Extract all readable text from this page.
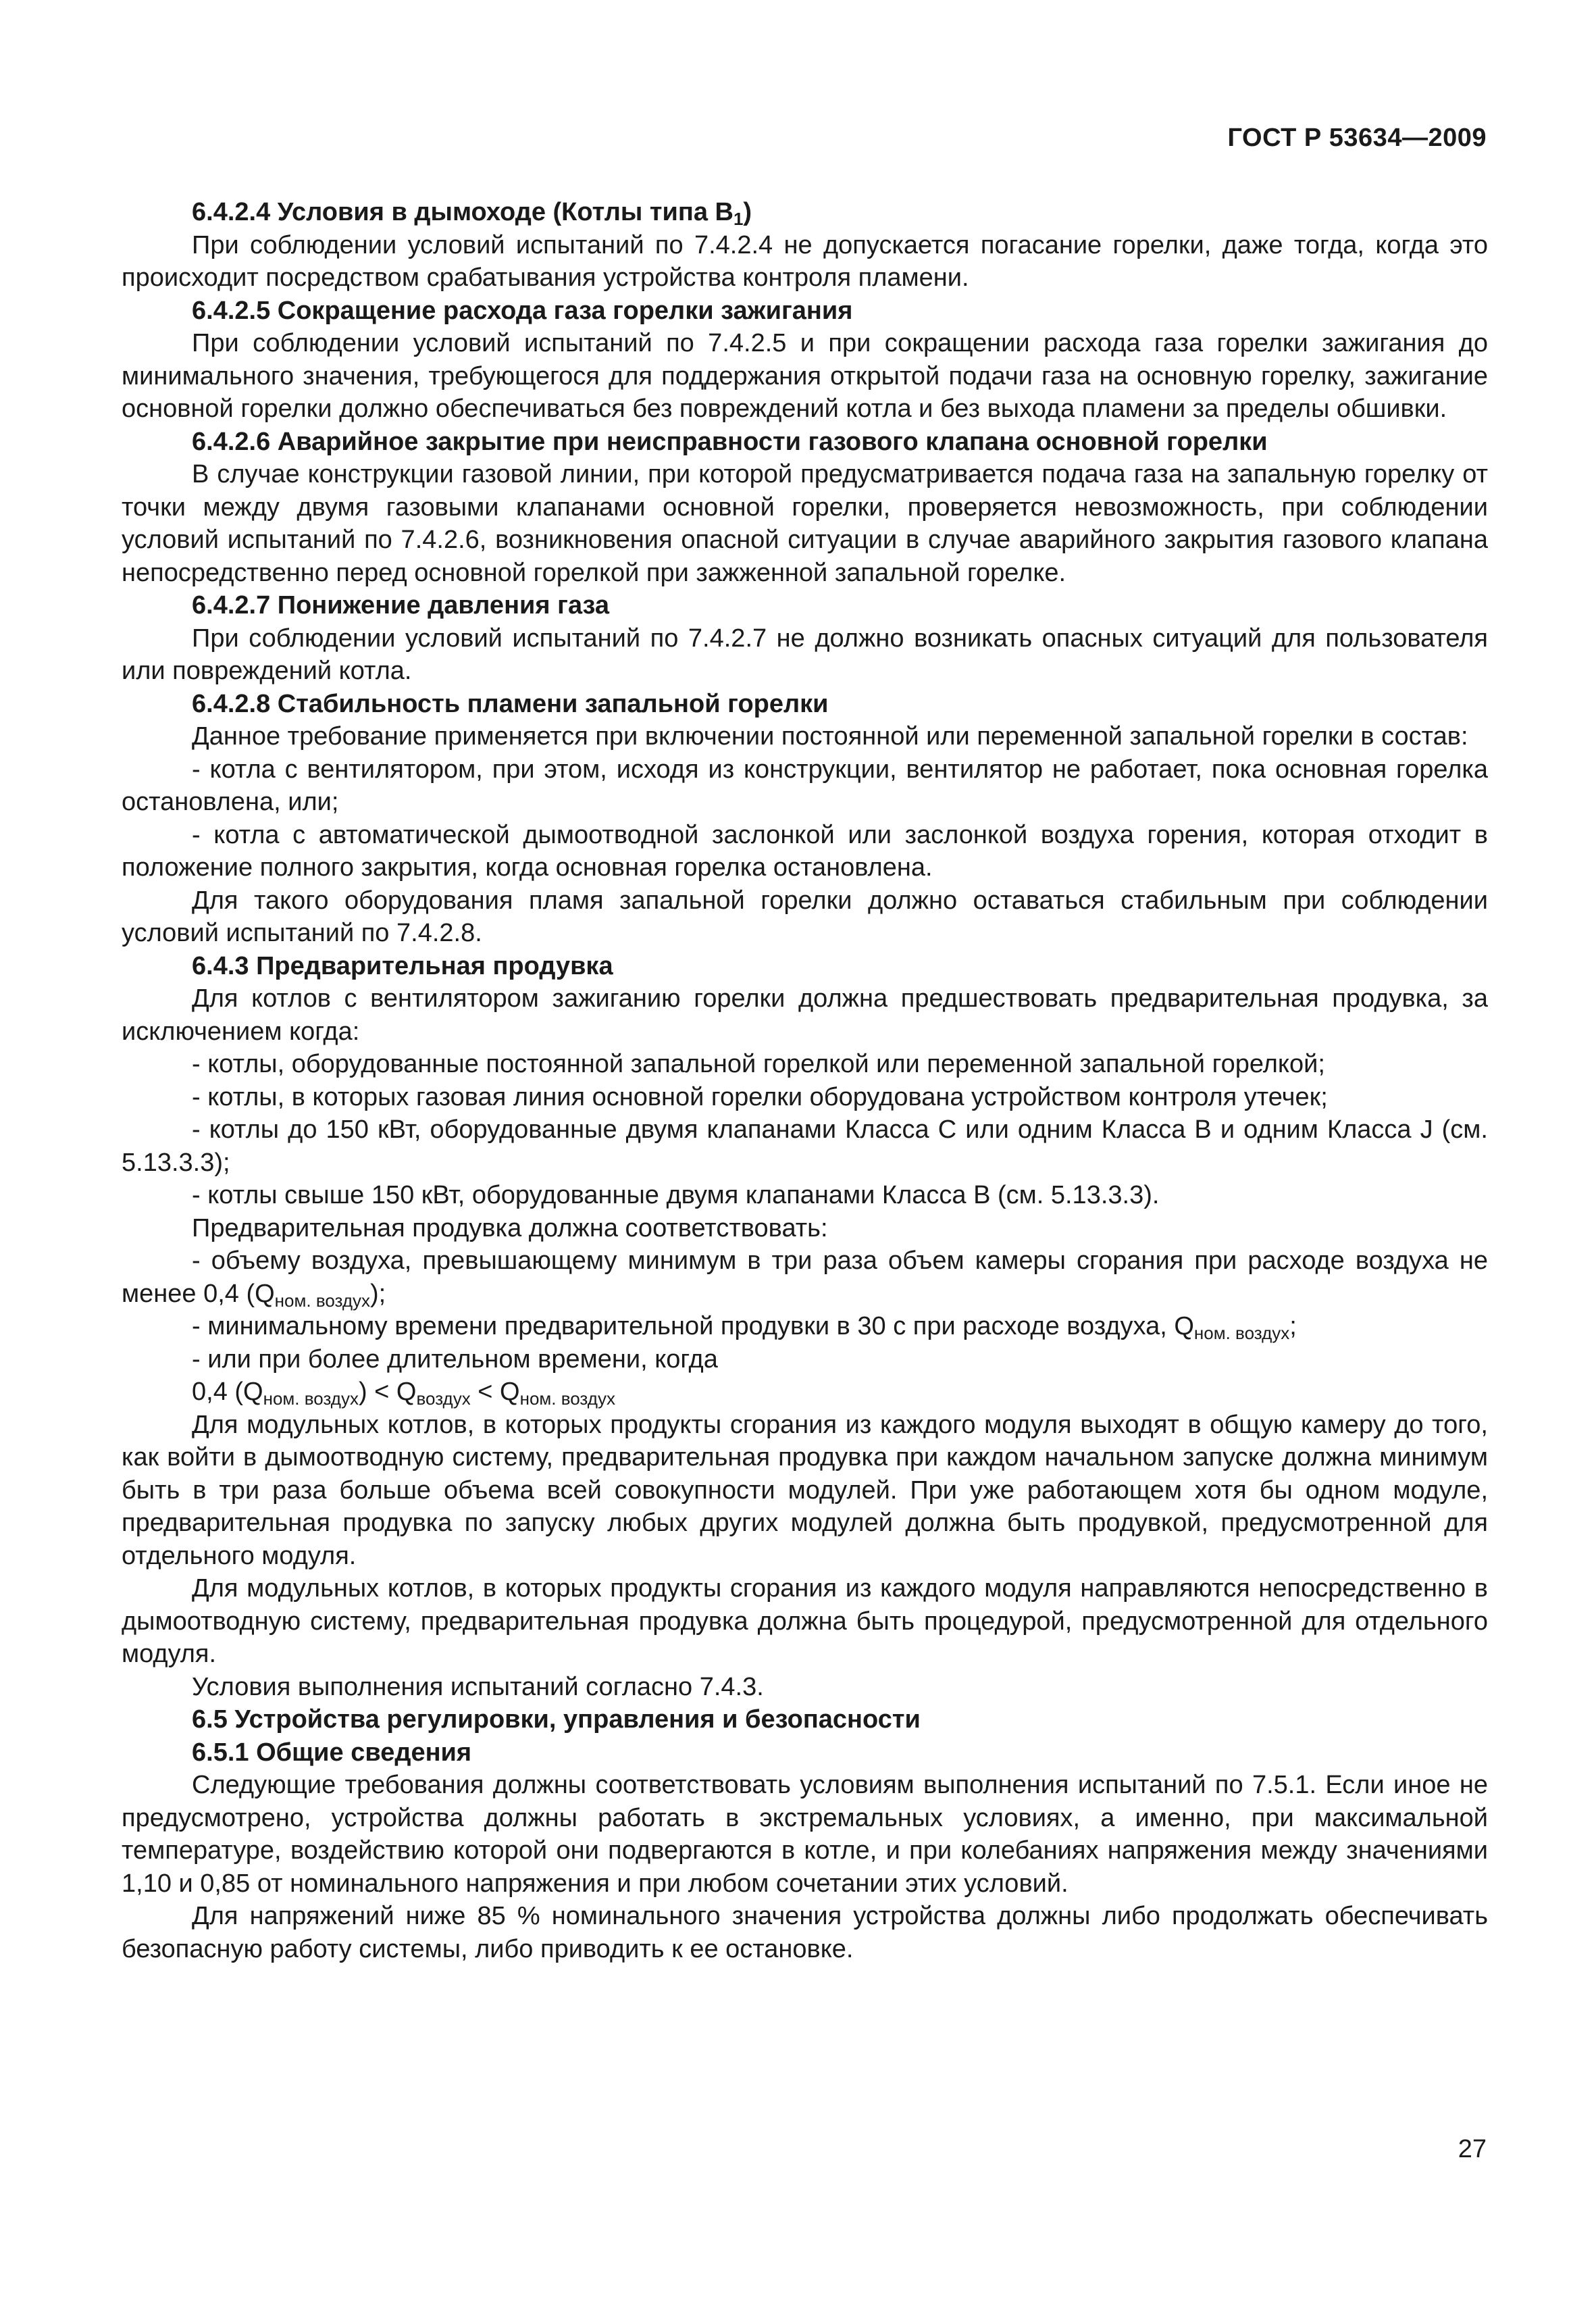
ГОСТ Р 53634—2009

6.4.2.4 Условия в дымоходе (Котлы типа $B_1$)

При соблюдении условий испытаний по 7.4.2.4 не допускается погасание горелки, даже тогда, когда это происходит посредством срабатывания устройства контроля пламени.

6.4.2.5 Сокращение расхода газа горелки зажигания

При соблюдении условий испытаний по 7.4.2.5 и при сокращении расхода газа горелки зажигания до минимального значения, требующегося для поддержания открытой подачи газа на основную горелку, зажигание основной горелки должно обеспечиваться без повреждений котла и без выхода пламени за пределы обшивки.

6.4.2.6 Аварийное закрытие при неисправности газового клапана основной горелки

В случае конструкции газовой линии, при которой предусматривается подача газа на запальную горелку от точки между двумя газовыми клапанами основной горелки, проверяется невозможность, при соблюдении условий испытаний по 7.4.2.6, возникновения опасной ситуации в случае аварийного закрытия газового клапана непосредственно перед основной горелкой при зажженной запальной горелке.

6.4.2.7 Понижение давления газа

При соблюдении условий испытаний по 7.4.2.7 не должно возникать опасных ситуаций для пользователя или повреждений котла.

6.4.2.8 Стабильность пламени запальной горелки

Данное требование применяется при включении постоянной или переменной запальной горелки в состав:

- котла с вентилятором, при этом, исходя из конструкции, вентилятор не работает, пока основная горелка остановлена, или;

- котла с автоматической дымоотводной заслонкой или заслонкой воздуха горения, которая отходит в положение полного закрытия, когда основная горелка остановлена.

Для такого оборудования пламя запальной горелки должно оставаться стабильным при соблюдении условий испытаний по 7.4.2.8.

6.4.3 Предварительная продувка

Для котлов с вентилятором зажиганию горелки должна предшествовать предварительная продувка, за исключением когда:

- котлы, оборудованные постоянной запальной горелкой или переменной запальной горелкой;

- котлы, в которых газовая линия основной горелки оборудована устройством контроля утечек;

- котлы до 150 кВт, оборудованные двумя клапанами Класса C или одним Класса B и одним Класса J (см. 5.13.3.3);

- котлы свыше 150 кВт, оборудованные двумя клапанами Класса B (см. 5.13.3.3).

Предварительная продувка должна соответствовать:

- объему воздуха, превышающему минимум в три раза объем камеры сгорания при расходе воздуха не менее 0,4 $(Q_{ном. воздух})$;

- минимальному времени предварительной продувки в 30 с при расходе воздуха, $Q_{ном. воздух}$;

- или при более длительном времени, когда

0,4 $(Q_{ном. воздух}) < Q_{воздух} < Q_{ном. воздух}$

Для модульных котлов, в которых продукты сгорания из каждого модуля выходят в общую камеру до того, как войти в дымоотводную систему, предварительная продувка при каждом начальном запуске должна минимум быть в три раза больше объема всей совокупности модулей. При уже работающем хотя бы одном модуле, предварительная продувка по запуску любых других модулей должна быть продувкой, предусмотренной для отдельного модуля.

Для модульных котлов, в которых продукты сгорания из каждого модуля направляются непосредственно в дымоотводную систему, предварительная продувка должна быть процедурой, предусмотренной для отдельного модуля.

Условия выполнения испытаний согласно 7.4.3.

6.5 Устройства регулировки, управления и безопасности

6.5.1 Общие сведения

Следующие требования должны соответствовать условиям выполнения испытаний по 7.5.1. Если иное не предусмотрено, устройства должны работать в экстремальных условиях, а именно, при максимальной температуре, воздействию которой они подвергаются в котле, и при колебаниях напряжения между значениями 1,10 и 0,85 от номинального напряжения и при любом сочетании этих условий.

Для напряжений ниже 85 % номинального значения устройства должны либо продолжать обеспечивать безопасную работу системы, либо приводить к ее остановке.

27
